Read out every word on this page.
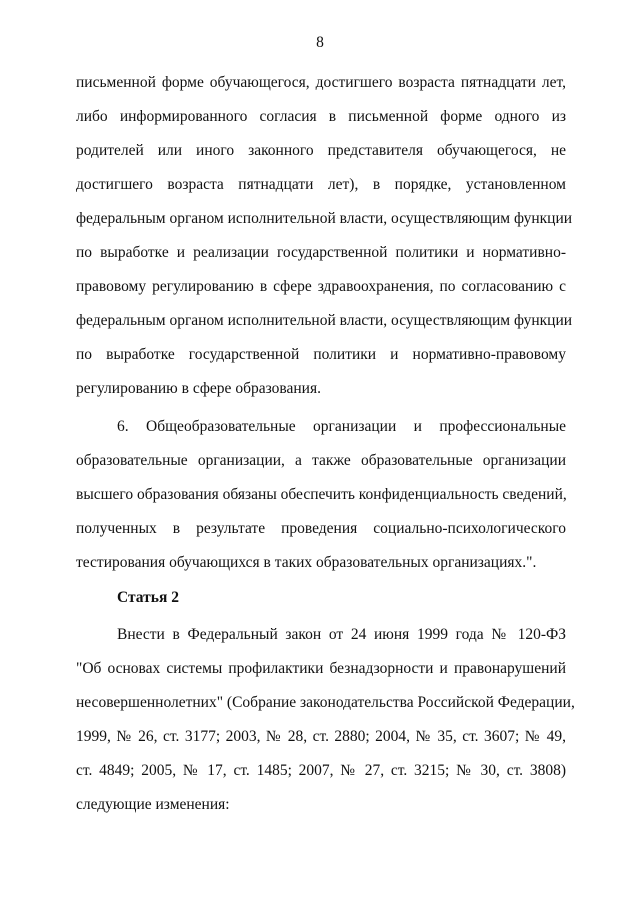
8
письменной форме обучающегося, достигшего возраста пятнадцати лет,
либо информированного согласия в письменной форме одного из
родителей или иного законного представителя обучающегося, не
достигшего возраста пятнадцати лет), в порядке, установленном
федеральным органом исполнительной власти, осуществляющим функции
по выработке и реализации государственной политики и нормативно-
правовому регулированию в сфере здравоохранения, по согласованию с
федеральным органом исполнительной власти, осуществляющим функции
по выработке государственной политики и нормативно-правовому
регулированию в сфере образования.
6. Общеобразовательные организации и профессиональные
образовательные организации, а также образовательные организации
высшего образования обязаны обеспечить конфиденциальность сведений,
полученных в результате проведения социально-психологического
тестирования обучающихся в таких образовательных организациях.".
Статья 2
Внести в Федеральный закон от 24 июня 1999 года № 120-ФЗ
"Об основах системы профилактики безнадзорности и правонарушений
несовершеннолетних" (Собрание законодательства Российской Федерации,
1999, № 26, ст. 3177; 2003, № 28, ст. 2880; 2004, № 35, ст. 3607; № 49,
ст. 4849; 2005, № 17, ст. 1485; 2007, № 27, ст. 3215; № 30, ст. 3808)
следующие изменения:
